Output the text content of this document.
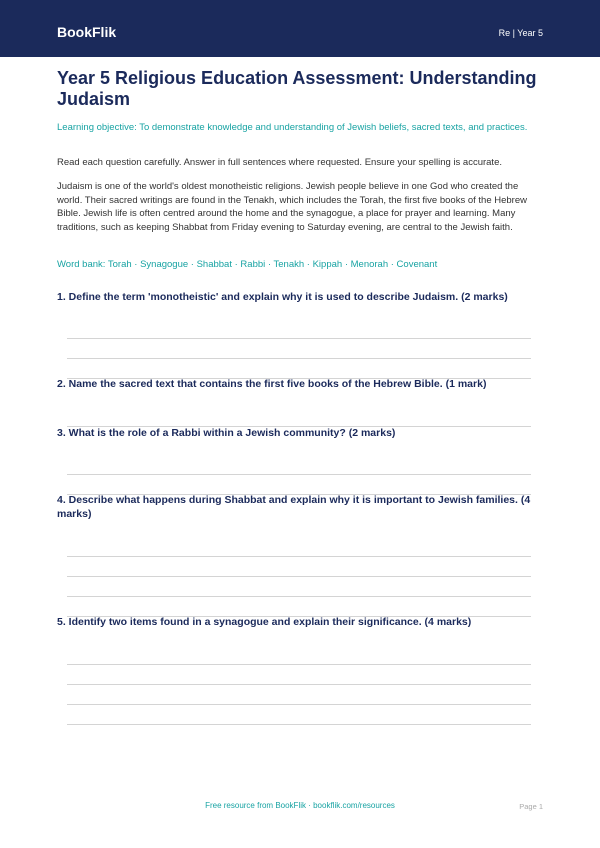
BookFlik	Re | Year 5
Year 5 Religious Education Assessment: Understanding Judaism
Learning objective: To demonstrate knowledge and understanding of Jewish beliefs, sacred texts, and practices.
Read each question carefully. Answer in full sentences where requested. Ensure your spelling is accurate.
Judaism is one of the world's oldest monotheistic religions. Jewish people believe in one God who created the world. Their sacred writings are found in the Tenakh, which includes the Torah, the first five books of the Hebrew Bible. Jewish life is often centred around the home and the synagogue, a place for prayer and learning. Many traditions, such as keeping Shabbat from Friday evening to Saturday evening, are central to the Jewish faith.
Word bank: Torah · Synagogue · Shabbat · Rabbi · Tenakh · Kippah · Menorah · Covenant
1. Define the term 'monotheistic' and explain why it is used to describe Judaism. (2 marks)
2. Name the sacred text that contains the first five books of the Hebrew Bible. (1 mark)
3. What is the role of a Rabbi within a Jewish community? (2 marks)
4. Describe what happens during Shabbat and explain why it is important to Jewish families. (4 marks)
5. Identify two items found in a synagogue and explain their significance. (4 marks)
Free resource from BookFlik · bookflik.com/resources	Page 1
